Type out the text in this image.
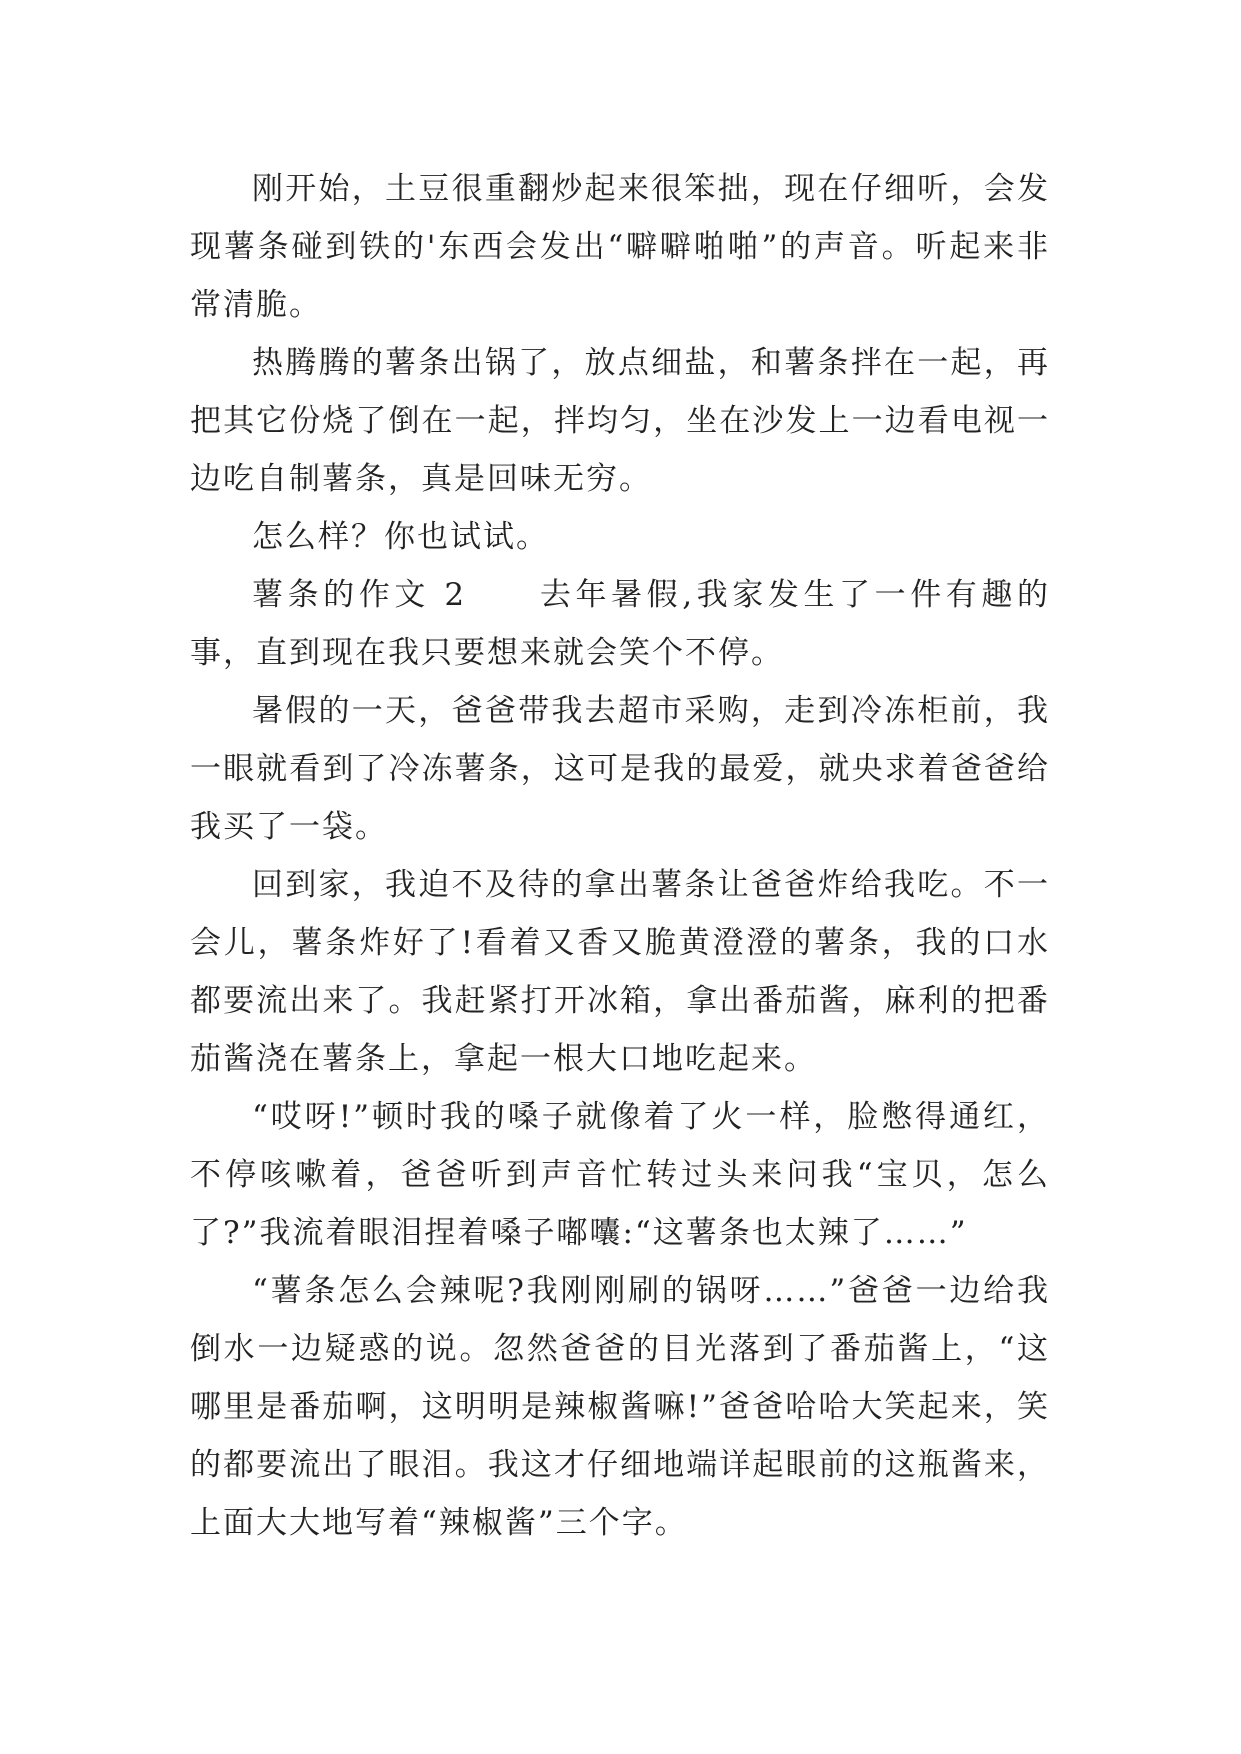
刚开始，土豆很重翻炒起来很笨拙，现在仔细听，会发现薯条碰到铁的'东西会发出“噼噼啪啪”的声音。听起来非常清脆。

热腾腾的薯条出锅了，放点细盐，和薯条拌在一起，再把其它份烧了倒在一起，拌均匀，坐在沙发上一边看电视一边吃自制薯条，真是回味无穷。

怎么样？你也试试。

薯条的作文 2　　去年暑假,我家发生了一件有趣的事，直到现在我只要想来就会笑个不停。

暑假的一天，爸爸带我去超市采购，走到冷冻柜前，我一眼就看到了冷冻薯条，这可是我的最爱，就央求着爸爸给我买了一袋。

回到家，我迫不及待的拿出薯条让爸爸炸给我吃。不一会儿，薯条炸好了!看着又香又脆黄澄澄的薯条，我的口水都要流出来了。我赶紧打开冰箱，拿出番茄酱，麻利的把番茄酱浇在薯条上，拿起一根大口地吃起来。

“哎呀!”顿时我的嗓子就像着了火一样，脸憋得通红，不停咳嗽着，爸爸听到声音忙转过头来问我“宝贝，怎么了?”我流着眼泪捏着嗓子嘟囔:“这薯条也太辣了……”

“薯条怎么会辣呢?我刚刚刷的锅呀……”爸爸一边给我倒水一边疑惑的说。忽然爸爸的目光落到了番茄酱上，“这哪里是番茄啊，这明明是辣椒酱嘛!”爸爸哈哈大笑起来，笑的都要流出了眼泪。我这才仔细地端详起眼前的这瓶酱来，上面大大地写着“辣椒酱”三个字。
